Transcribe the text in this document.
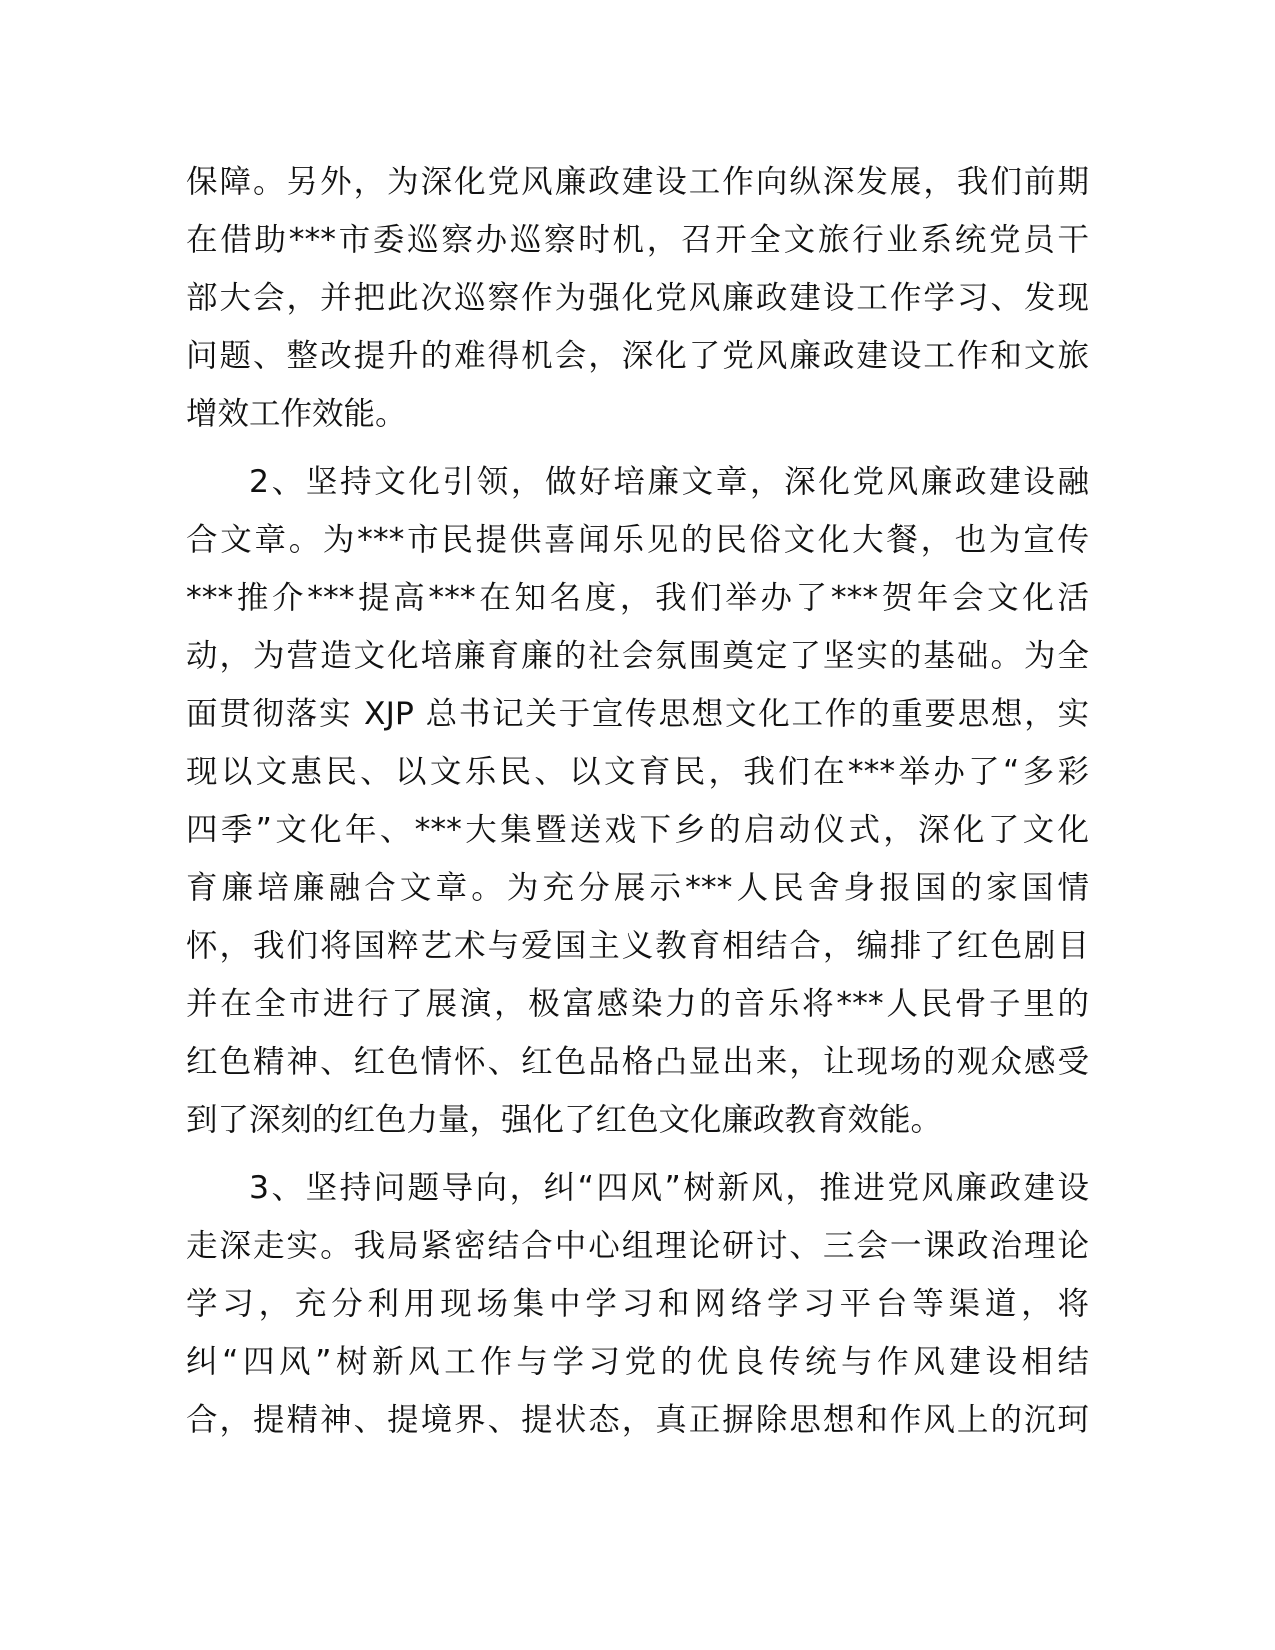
保障。另外，为深化党风廉政建设工作向纵深发展，我们前期
在借助***市委巡察办巡察时机，召开全文旅行业系统党员干
部大会，并把此次巡察作为强化党风廉政建设工作学习、发现
问题、整改提升的难得机会，深化了党风廉政建设工作和文旅
增效工作效能。
2、坚持文化引领，做好培廉文章，深化党风廉政建设融
合文章。为***市民提供喜闻乐见的民俗文化大餐，也为宣传
***推介***提高***在知名度，我们举办了***贺年会文化活
动，为营造文化培廉育廉的社会氛围奠定了坚实的基础。为全
面贯彻落实 XJP 总书记关于宣传思想文化工作的重要思想，实
现以文惠民、以文乐民、以文育民，我们在***举办了“多彩
四季”文化年、***大集暨送戏下乡的启动仪式，深化了文化
育廉培廉融合文章。为充分展示***人民舍身报国的家国情
怀，我们将国粹艺术与爱国主义教育相结合，编排了红色剧目
并在全市进行了展演，极富感染力的音乐将***人民骨子里的
红色精神、红色情怀、红色品格凸显出来，让现场的观众感受
到了深刻的红色力量，强化了红色文化廉政教育效能。
3、坚持问题导向，纠“四风”树新风，推进党风廉政建设
走深走实。我局紧密结合中心组理论研讨、三会一课政治理论
学习，充分利用现场集中学习和网络学习平台等渠道，将
纠“四风”树新风工作与学习党的优良传统与作风建设相结
合，提精神、提境界、提状态，真正摒除思想和作风上的沉珂
